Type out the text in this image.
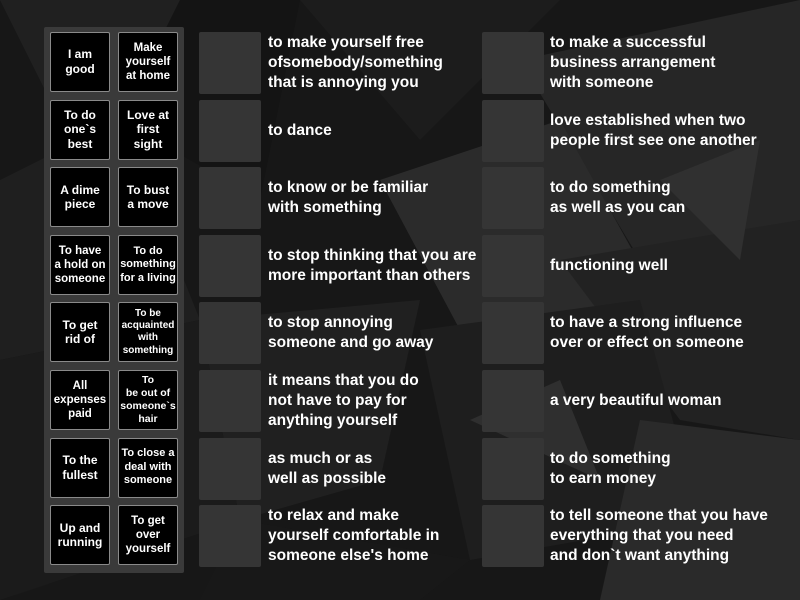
I am good
Make
yourself
at home
To do
one`s best
Love at
first sight
A dime
piece
To bust
a move
To have
a hold on
someone
To do
something
for a living
To get
rid of
To be
acquainted
with
something
All
expenses
paid
To
be out of
someone`s
hair
To the
fullest
To close a
deal with
someone
Up and
running
To get
over
yourself
to make yourself free
ofsomebody/something
that is annoying you
to dance
to know or be familiar
with something
to stop thinking that you are
more important than others
to stop annoying
someone and go away
it means that you do
not have to pay for
anything yourself
as much or as
well as possible
to relax and make
yourself comfortable in
someone else's home
to make a successful
business arrangement
with someone
love established when two
people first see one another
to do something
as well as you can
functioning well
to have a strong influence
over or effect on someone
a very beautiful woman
to do something
to earn money
to tell someone that you have
everything that you need
and don`t want anything
